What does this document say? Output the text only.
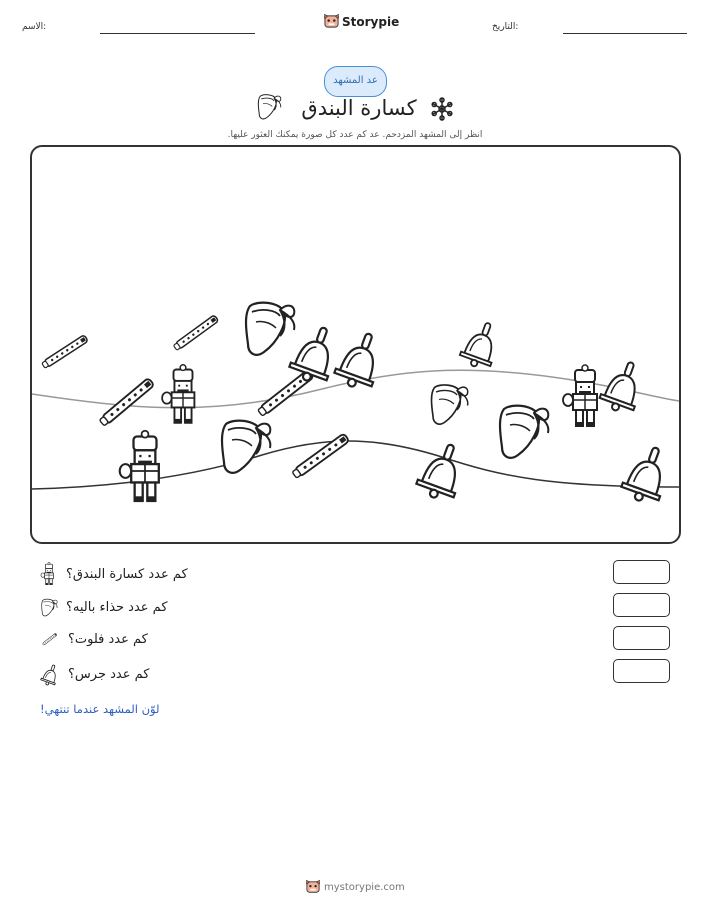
الاسم:	Storypie	التاريخ:
عد المشهد
كسارة البندق
انظر إلى المشهد المزدحم. عد كم عدد كل صورة يمكنك العثور عليها.
كم عدد كسارة البندق؟
كم عدد حذاء باليه؟
كم عدد فلوت؟
كم عدد جرس؟
لوّن المشهد عندما تنتهي!
mystorypie.com
